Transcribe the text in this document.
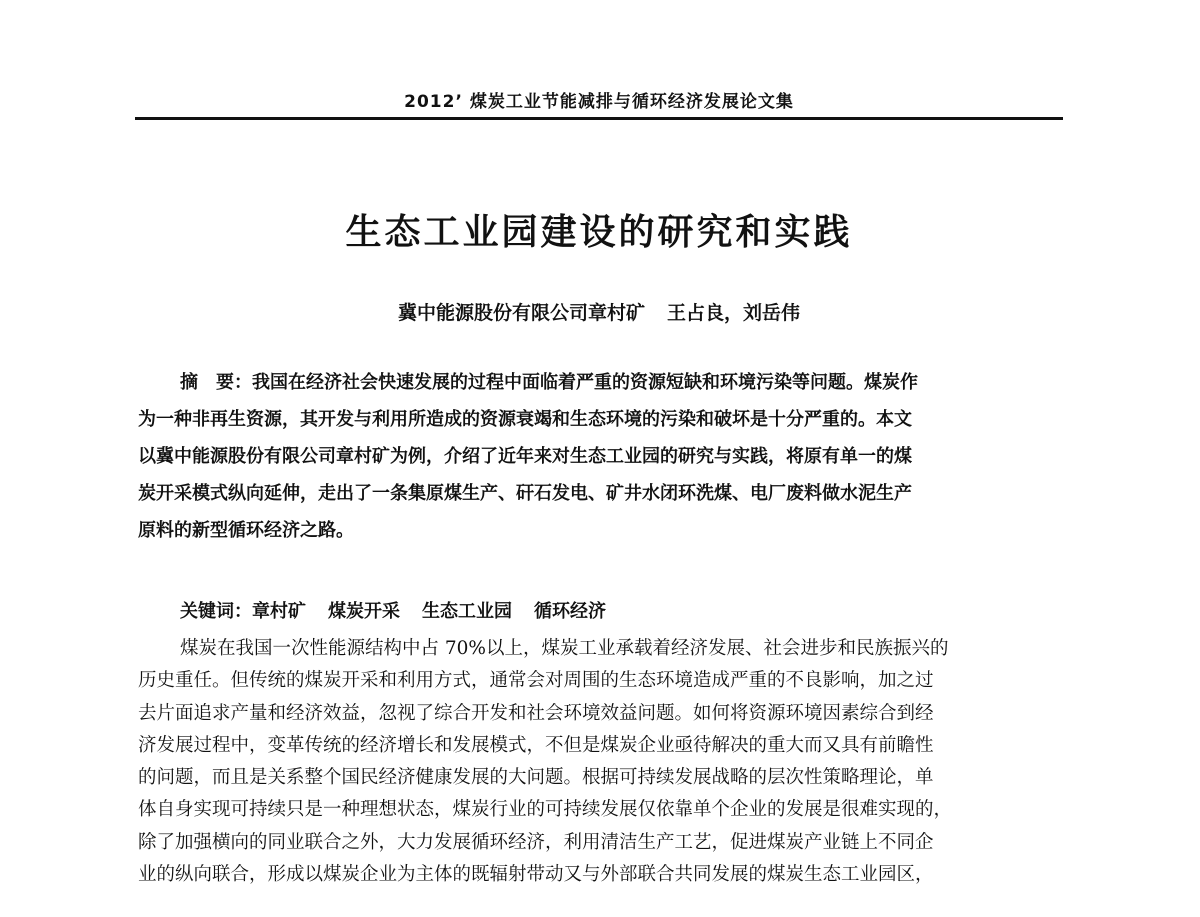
2012’ 煤炭工业节能减排与循环经济发展论文集
生态工业园建设的研究和实践
冀中能源股份有限公司章村矿 王占良，刘岳伟
摘　要：我国在经济社会快速发展的过程中面临着严重的资源短缺和环境污染等问题。煤炭作
为一种非再生资源，其开发与利用所造成的资源衰竭和生态环境的污染和破坏是十分严重的。本文
以冀中能源股份有限公司章村矿为例，介绍了近年来对生态工业园的研究与实践，将原有单一的煤
炭开采模式纵向延伸，走出了一条集原煤生产、矸石发电、矿井水闭环洗煤、电厂废料做水泥生产
原料的新型循环经济之路。
关键词：章村矿 煤炭开采 生态工业园 循环经济
煤炭在我国一次性能源结构中占 70%以上，煤炭工业承载着经济发展、社会进步和民族振兴的
历史重任。但传统的煤炭开采和利用方式，通常会对周围的生态环境造成严重的不良影响，加之过
去片面追求产量和经济效益，忽视了综合开发和社会环境效益问题。如何将资源环境因素综合到经
济发展过程中，变革传统的经济增长和发展模式，不但是煤炭企业亟待解决的重大而又具有前瞻性
的问题，而且是关系整个国民经济健康发展的大问题。根据可持续发展战略的层次性策略理论，单
体自身实现可持续只是一种理想状态，煤炭行业的可持续发展仅依靠单个企业的发展是很难实现的，
除了加强横向的同业联合之外，大力发展循环经济，利用清洁生产工艺，促进煤炭产业链上不同企
业的纵向联合，形成以煤炭企业为主体的既辐射带动又与外部联合共同发展的煤炭生态工业园区，
